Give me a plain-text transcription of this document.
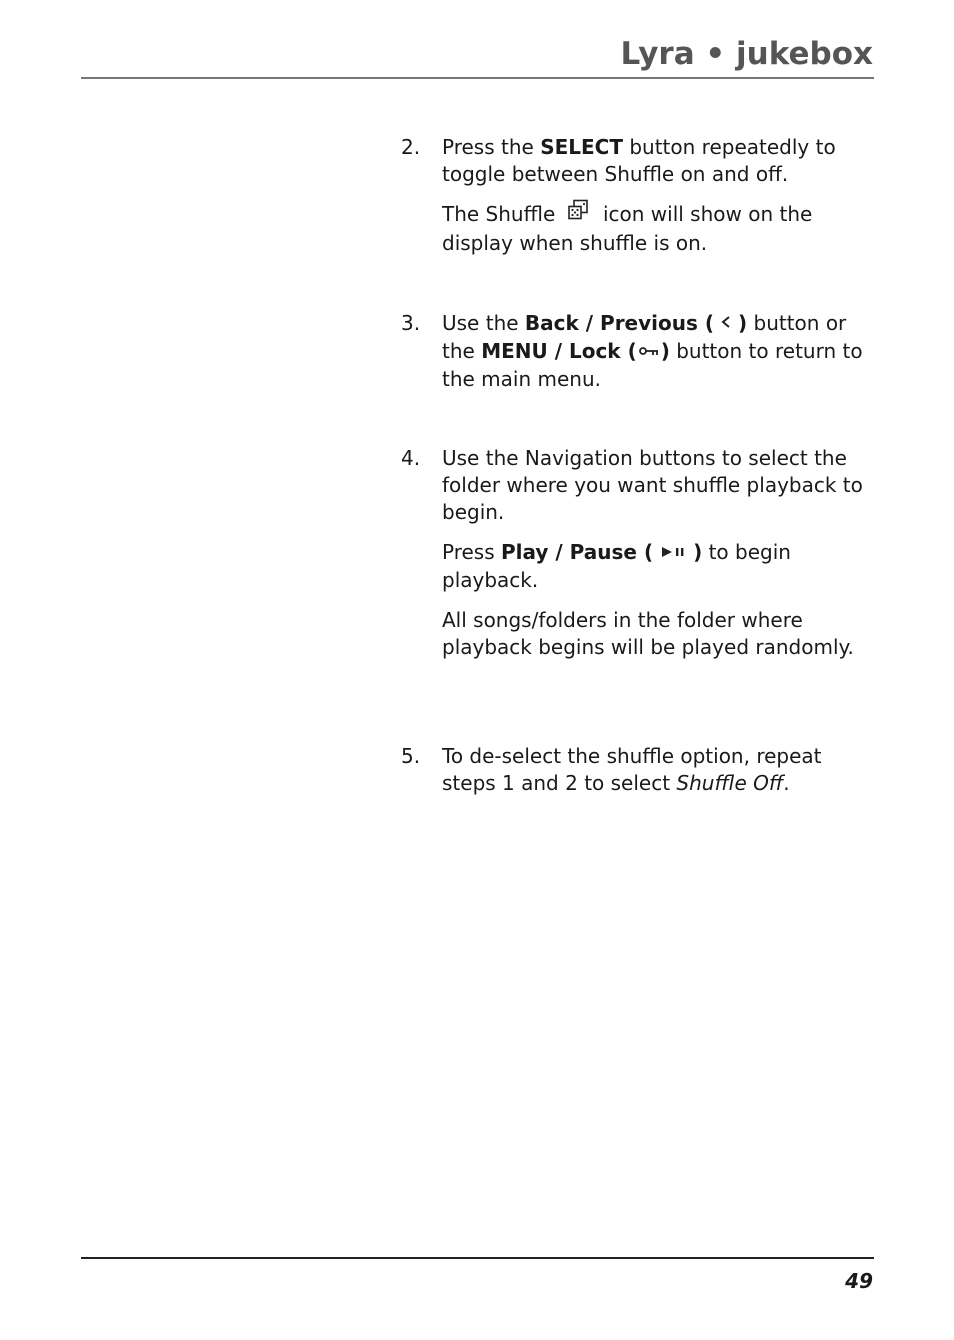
Lyra • jukebox
2. Press the SELECT button repeatedly to toggle between Shuffle on and off.

The Shuffle  icon will show on the display when shuffle is on.

3. Use the Back / Previous ( ) button or the MENU / Lock ( ) button to return to the main menu.

4. Use the Navigation buttons to select the folder where you want shuffle playback to begin.

Press Play / Pause ( ) to begin playback.

All songs/folders in the folder where playback begins will be played randomly.

5. To de-select the shuffle option, repeat steps 1 and 2 to select Shuffle Off.

49
